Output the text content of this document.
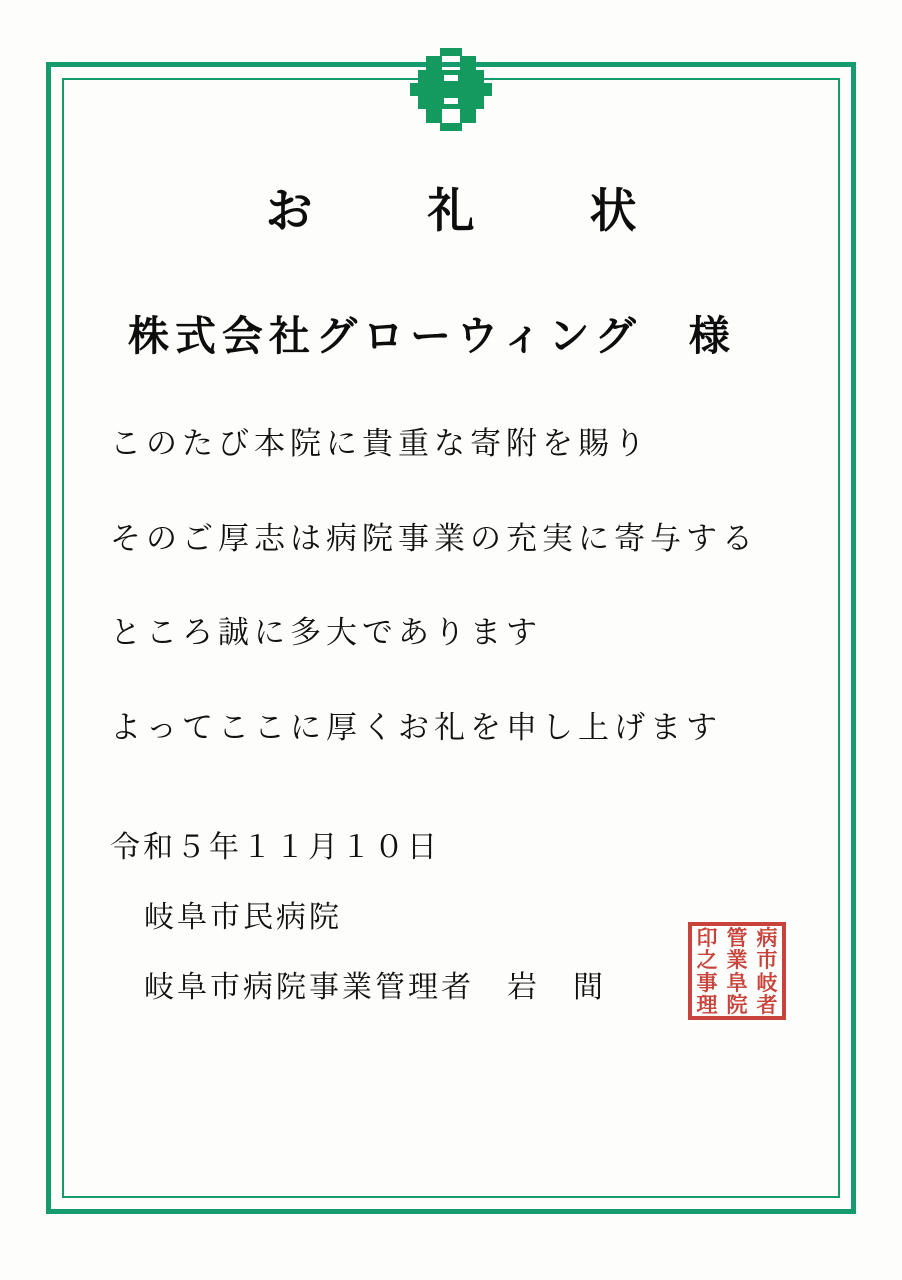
お　礼　状
株式会社グローウィング　様
このたび本院に貴重な寄附を賜り
そのご厚志は病院事業の充実に寄与する
ところ誠に多大であります
よってここに厚くお礼を申し上げます
令和５年１１月１０日
岐阜市民病院
岐阜市病院事業管理者　岩　間
病
管
印
市
業
之
岐
阜
事
者
院
理
